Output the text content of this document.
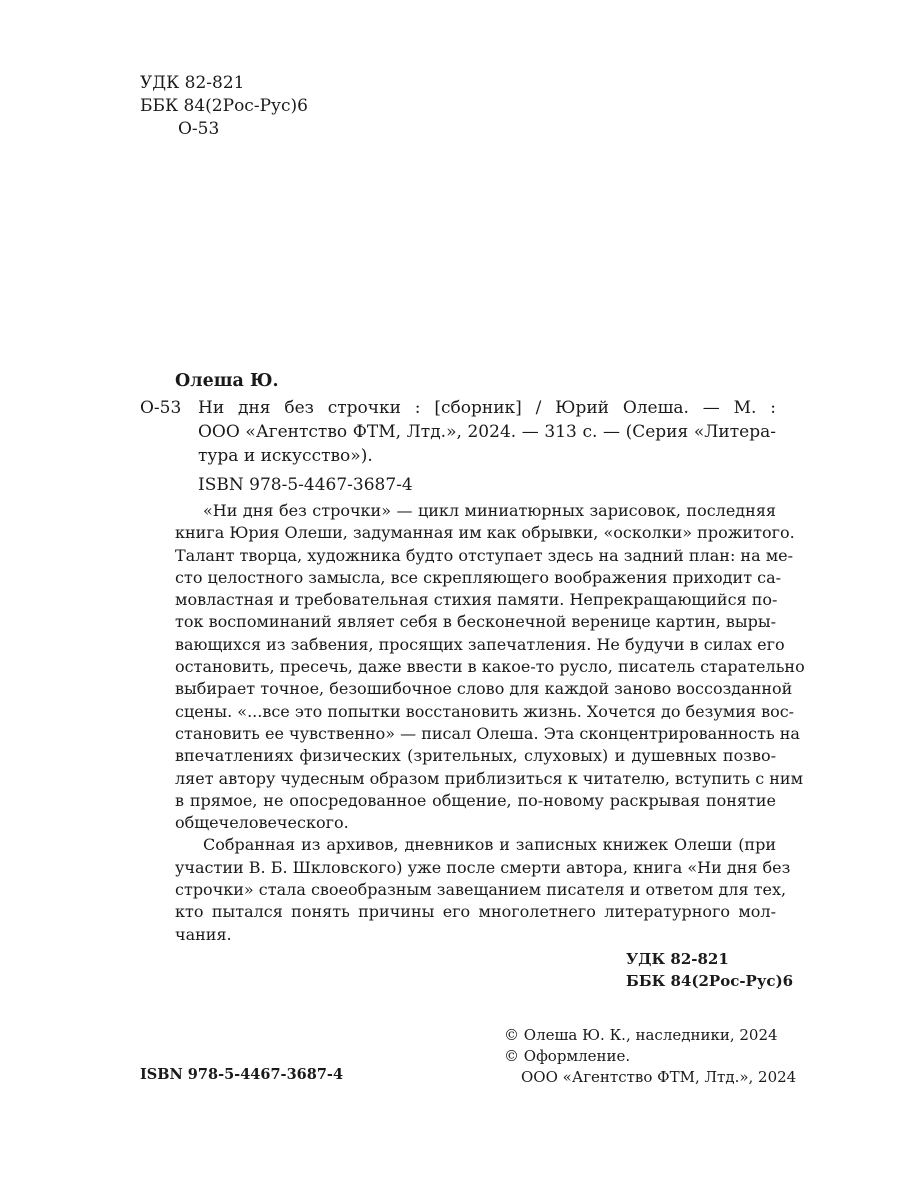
УДК 82-821
ББК 84(2Рос-Рус)6
О-53
Олеша Ю.
О-53 Ни дня без строчки : [сборник] / Юрий Олеша. — М. :
ООО «Агентство ФТМ, Лтд.», 2024. — 313 с. — (Серия «Литера-
тура и искусство»).
ISBN 978-5-4467-3687-4

«Ни дня без строчки» — цикл миниатюрных зарисовок, последняя
книга Юрия Олеши, задуманная им как обрывки, «осколки» прожитого.
Талант творца, художника будто отступает здесь на задний план: на ме-
сто целостного замысла, все скрепляющего воображения приходит са-
мовластная и требовательная стихия памяти. Непрекращающийся по-
ток воспоминаний являет себя в бесконечной веренице картин, выры-
вающихся из забвения, просящих запечатления. Не будучи в силах его
остановить, пресечь, даже ввести в какое-то русло, писатель старательно
выбирает точное, безошибочное слово для каждой заново воссозданной
сцены. «...все это попытки восстановить жизнь. Хочется до безумия вос-
становить ее чувственно» — писал Олеша. Эта сконцентрированность на
впечатлениях физических (зрительных, слуховых) и душевных позво-
ляет автору чудесным образом приблизиться к читателю, вступить с ним
в прямое, не опосредованное общение, по-новому раскрывая понятие
общечеловеческого.

Собранная из архивов, дневников и записных книжек Олеши (при
участии В. Б. Шкловского) уже после смерти автора, книга «Ни дня без
строчки» стала своеобразным завещанием писателя и ответом для тех,
кто пытался понять причины его многолетнего литературного мол-
чания.

УДК 82-821
ББК 84(2Рос-Рус)6
© Олеша Ю. К., наследники, 2024
© Оформление.
ООО «Агентство ФТМ, Лтд.», 2024
ISBN 978-5-4467-3687-4
